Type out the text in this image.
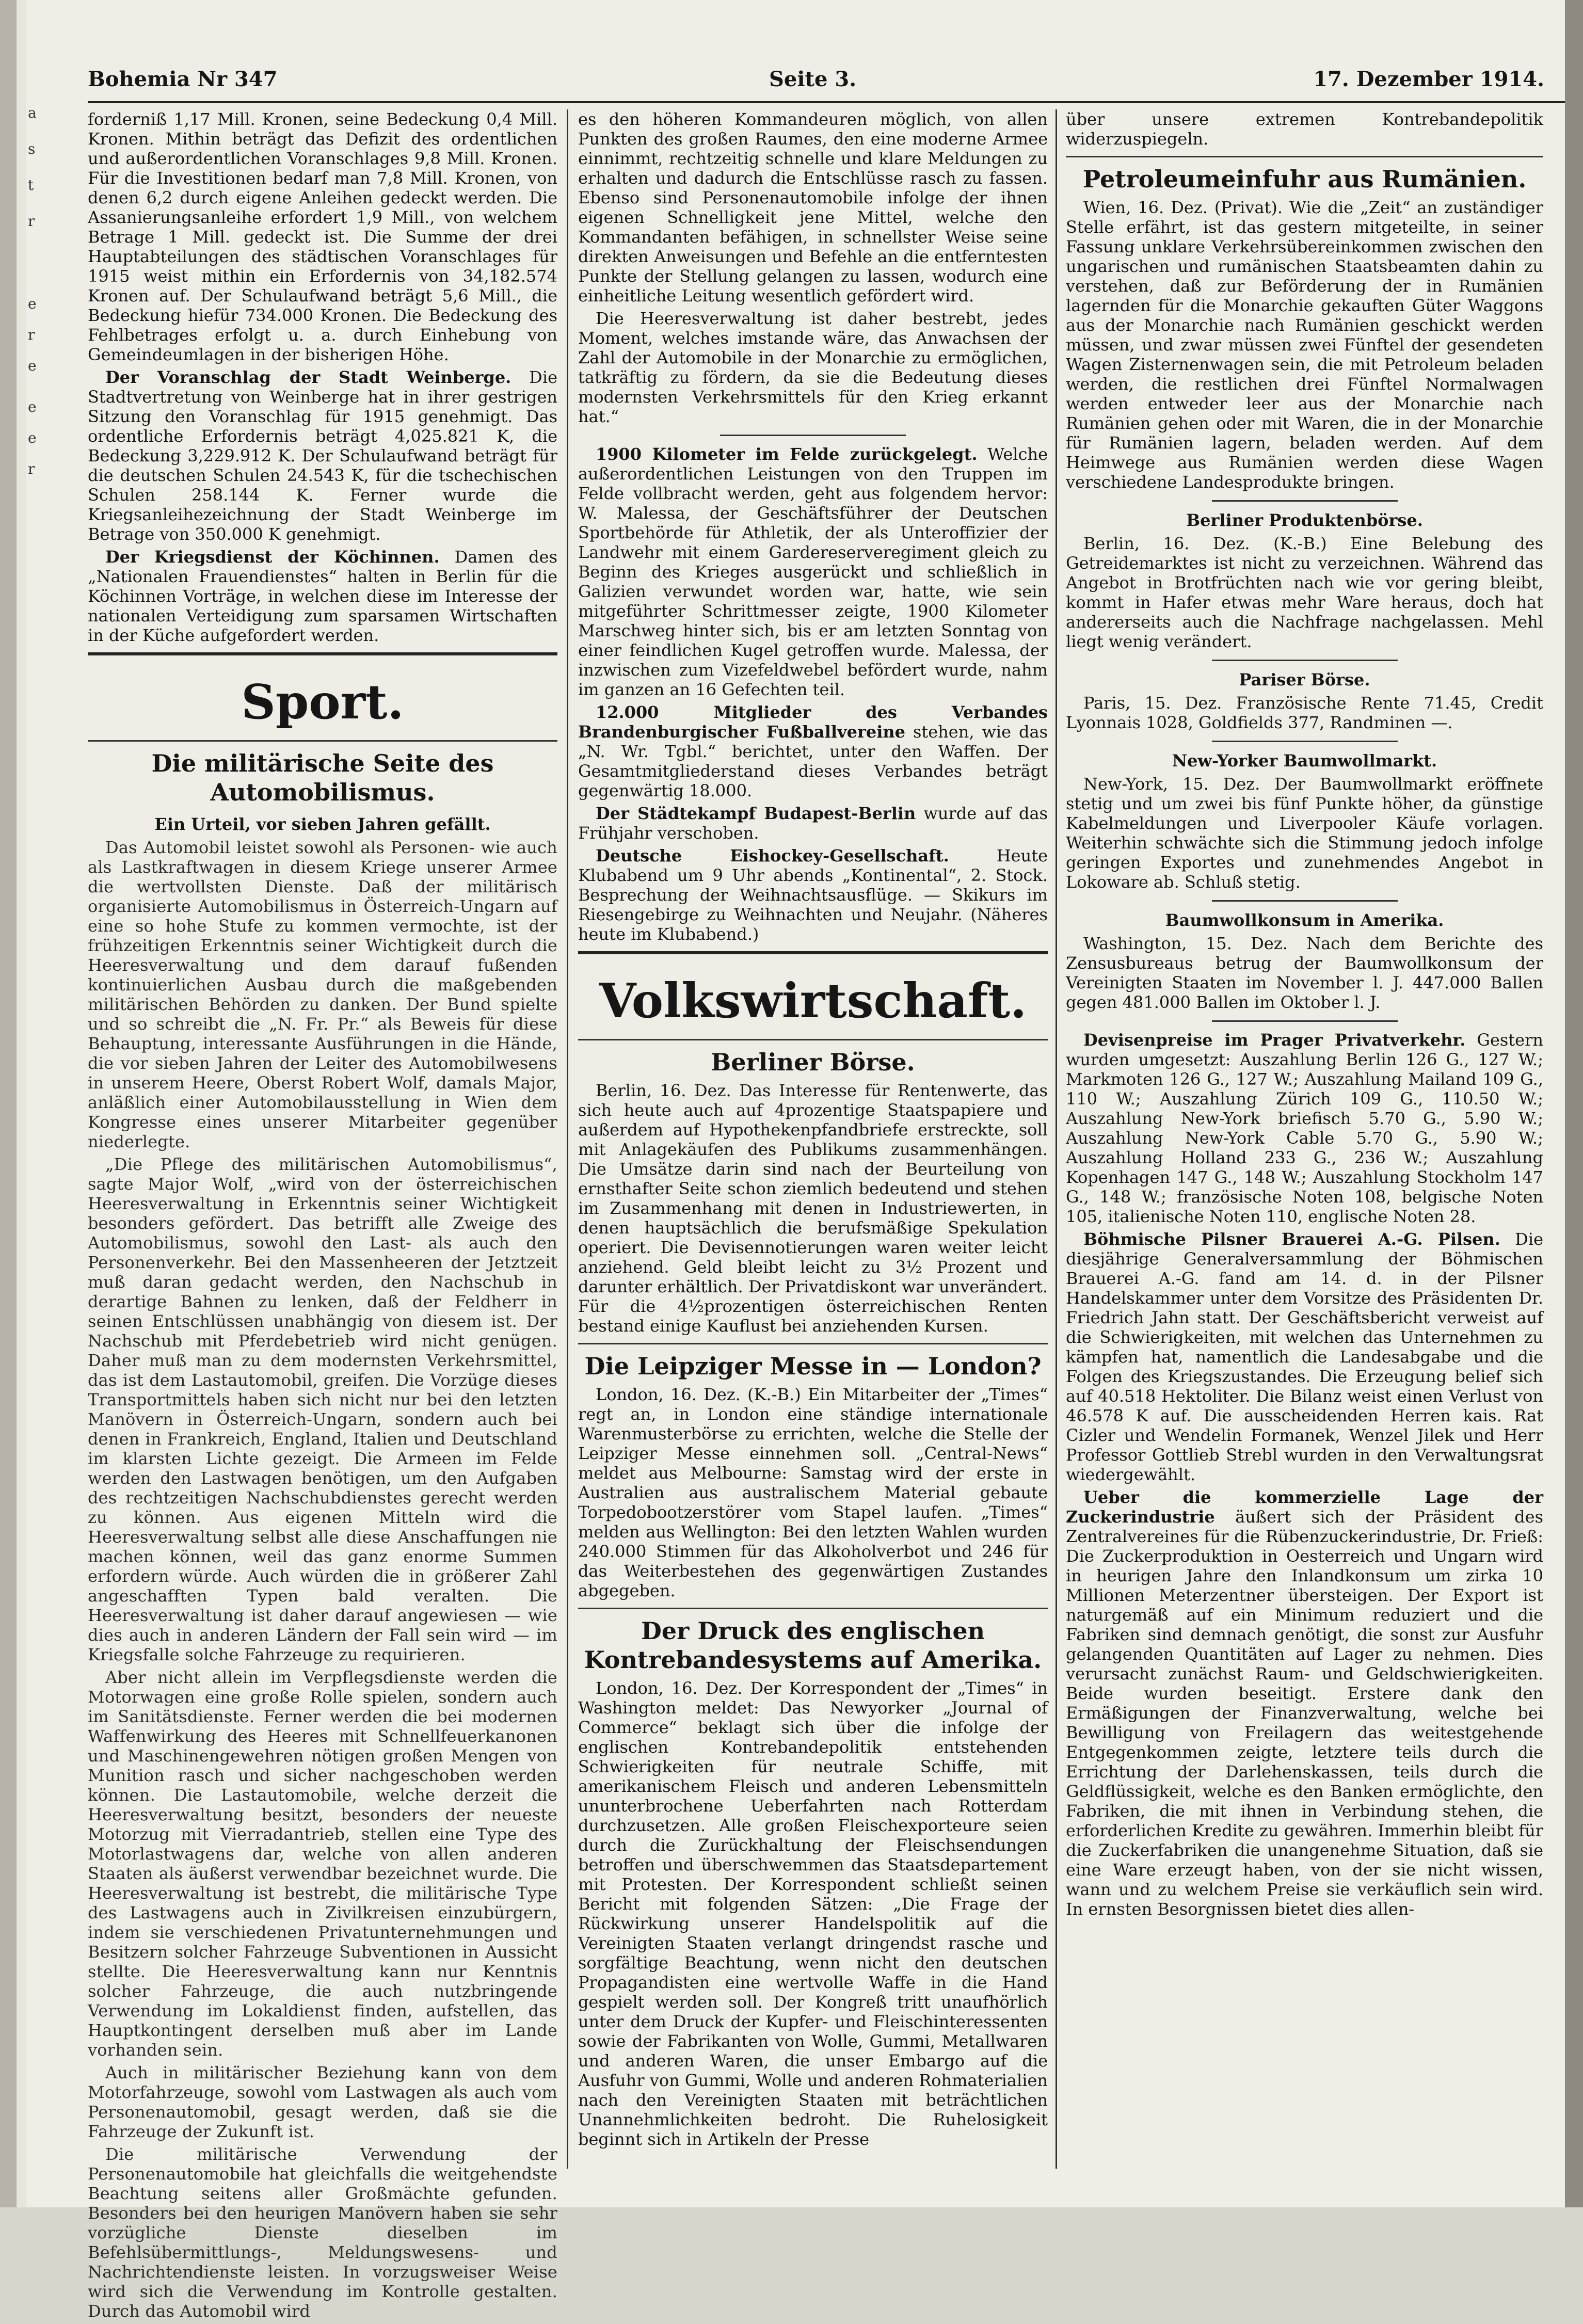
a
s
t
r
e
r
e
e
e
r
Bohemia Nr 347	Seite 3.	17. Dezember 1914.

forderniß 1,17 Mill. Kronen, seine Bedeckung 0,4 Mill. Kronen. Mithin beträgt das Defizit des ordentlichen und außerordentlichen Voranschlages 9,8 Mill. Kronen. Für die Investitionen bedarf man 7,8 Mill. Kronen, von denen 6,2 durch eigene Anleihen gedeckt werden. Die Assanierungsanleihe erfordert 1,9 Mill., von welchem Betrage 1 Mill. gedeckt ist. Die Summe der drei Hauptabteilungen des städtischen Voranschlages für 1915 weist mithin ein Erfordernis von 34,182.574 Kronen auf. Der Schulaufwand beträgt 5,6 Mill., die Bedeckung hiefür 734.000 Kronen. Die Bedeckung des Fehlbetrages erfolgt u. a. durch Einhebung von Gemeindeumlagen in der bisherigen Höhe.

Der Voranschlag der Stadt Weinberge. Die Stadtvertretung von Weinberge hat in ihrer gestrigen Sitzung den Voranschlag für 1915 genehmigt. Das ordentliche Erfordernis beträgt 4,025.821 K, die Bedeckung 3,229.912 K. Der Schulaufwand beträgt für die deutschen Schulen 24.543 K, für die tschechischen Schulen 258.144 K. Ferner wurde die Kriegsanleihezeichnung der Stadt Weinberge im Betrage von 350.000 K genehmigt.

Der Kriegsdienst der Köchinnen. Damen des „Nationalen Frauendienstes“ halten in Berlin für die Köchinnen Vorträge, in welchen diese im Interesse der nationalen Verteidigung zum sparsamen Wirtschaften in der Küche aufgefordert werden.

Sport.
Die militärische Seite des Automobilismus.
Ein Urteil, vor sieben Jahren gefällt.

Das Automobil leistet sowohl als Personen- wie auch als Lastkraftwagen in diesem Kriege unserer Armee die wertvollsten Dienste. Daß der militärisch organisierte Automobilismus in Österreich-Ungarn auf eine so hohe Stufe zu kommen vermochte, ist der frühzeitigen Erkenntnis seiner Wichtigkeit durch die Heeresverwaltung und dem darauf fußenden kontinuierlichen Ausbau durch die maßgebenden militärischen Behörden zu danken. Der Bund spielte und so schreibt die „N. Fr. Pr.“ als Beweis für diese Behauptung, interessante Ausführungen in die Hände, die vor sieben Jahren der Leiter des Automobilwesens in unserem Heere, Oberst Robert Wolf, damals Major, anläßlich einer Automobilausstellung in Wien dem Kongresse eines unserer Mitarbeiter gegenüber niederlegte.

„Die Pflege des militärischen Automobilismus“, sagte Major Wolf, „wird von der österreichischen Heeresverwaltung in Erkenntnis seiner Wichtigkeit besonders gefördert. Das betrifft alle Zweige des Automobilismus, sowohl den Last- als auch den Personenverkehr. Bei den Massenheeren der Jetztzeit muß daran gedacht werden, den Nachschub in derartige Bahnen zu lenken, daß der Feldherr in seinen Entschlüssen unabhängig von diesem ist. Der Nachschub mit Pferdebetrieb wird nicht genügen. Daher muß man zu dem modernsten Verkehrsmittel, das ist dem Lastautomobil, greifen. Die Vorzüge dieses Transportmittels haben sich nicht nur bei den letzten Manövern in Österreich-Ungarn, sondern auch bei denen in Frankreich, England, Italien und Deutschland im klarsten Lichte gezeigt. Die Armeen im Felde werden den Lastwagen benötigen, um den Aufgaben des rechtzeitigen Nachschubdienstes gerecht werden zu können. Aus eigenen Mitteln wird die Heeresverwaltung selbst alle diese Anschaffungen nie machen können, weil das ganz enorme Summen erfordern würde. Auch würden die in größerer Zahl angeschafften Typen bald veralten. Die Heeresverwaltung ist daher darauf angewiesen — wie dies auch in anderen Ländern der Fall sein wird — im Kriegsfalle solche Fahrzeuge zu requirieren.

Aber nicht allein im Verpflegsdienste werden die Motorwagen eine große Rolle spielen, sondern auch im Sanitätsdienste. Ferner werden die bei modernen Waffenwirkung des Heeres mit Schnellfeuerkanonen und Maschinengewehren nötigen großen Mengen von Munition rasch und sicher nachgeschoben werden können. Die Lastautomobile, welche derzeit die Heeresverwaltung besitzt, besonders der neueste Motorzug mit Vierradantrieb, stellen eine Type des Motorlastwagens dar, welche von allen anderen Staaten als äußerst verwendbar bezeichnet wurde. Die Heeresverwaltung ist bestrebt, die militärische Type des Lastwagens auch in Zivilkreisen einzubürgern, indem sie verschiedenen Privatunternehmungen und Besitzern solcher Fahrzeuge Subventionen in Aussicht stellte. Die Heeresverwaltung kann nur Kenntnis solcher Fahrzeuge, die auch nutzbringende Verwendung im Lokaldienst finden, aufstellen, das Hauptkontingent derselben muß aber im Lande vorhanden sein.

Auch in militärischer Beziehung kann von dem Motorfahrzeuge, sowohl vom Lastwagen als auch vom Personenautomobil, gesagt werden, daß sie die Fahrzeuge der Zukunft ist.

Die militärische Verwendung der Personenautomobile hat gleichfalls die weitgehendste Beachtung seitens aller Großmächte gefunden. Besonders bei den heurigen Manövern haben sie sehr vorzügliche Dienste dieselben im Befehlsübermittlungs-, Meldungswesens- und Nachrichtendienste leisten. In vorzugsweiser Weise wird sich die Verwendung im Kontrolle gestalten. Durch das Automobil wird

es den höheren Kommandeuren möglich, von allen Punkten des großen Raumes, den eine moderne Armee einnimmt, rechtzeitig schnelle und klare Meldungen zu erhalten und dadurch die Entschlüsse rasch zu fassen. Ebenso sind Personenautomobile infolge der ihnen eigenen Schnelligkeit jene Mittel, welche den Kommandanten befähigen, in schnellster Weise seine direkten Anweisungen und Befehle an die entferntesten Punkte der Stellung gelangen zu lassen, wodurch eine einheitliche Leitung wesentlich gefördert wird.

Die Heeresverwaltung ist daher bestrebt, jedes Moment, welches imstande wäre, das Anwachsen der Zahl der Automobile in der Monarchie zu ermöglichen, tatkräftig zu fördern, da sie die Bedeutung dieses modernsten Verkehrsmittels für den Krieg erkannt hat.“

1900 Kilometer im Felde zurückgelegt. Welche außerordentlichen Leistungen von den Truppen im Felde vollbracht werden, geht aus folgendem hervor: W. Malessa, der Geschäftsführer der Deutschen Sportbehörde für Athletik, der als Unteroffizier der Landwehr mit einem Gardereserveregiment gleich zu Beginn des Krieges ausgerückt und schließlich in Galizien verwundet worden war, hatte, wie sein mitgeführter Schrittmesser zeigte, 1900 Kilometer Marschweg hinter sich, bis er am letzten Sonntag von einer feindlichen Kugel getroffen wurde. Malessa, der inzwischen zum Vizefeldwebel befördert wurde, nahm im ganzen an 16 Gefechten teil.

12.000 Mitglieder des Verbandes Brandenburgischer Fußballvereine stehen, wie das „N. Wr. Tgbl.“ berichtet, unter den Waffen. Der Gesamtmitgliederstand dieses Verbandes beträgt gegenwärtig 18.000.

Der Städtekampf Budapest-Berlin wurde auf das Frühjahr verschoben.

Deutsche Eishockey-Gesellschaft. Heute Klubabend um 9 Uhr abends „Kontinental“, 2. Stock. Besprechung der Weihnachtsausflüge. — Skikurs im Riesengebirge zu Weihnachten und Neujahr. (Näheres heute im Klubabend.)

Volkswirtschaft.
Berliner Börse.

Berlin, 16. Dez. Das Interesse für Rentenwerte, das sich heute auch auf 4prozentige Staatspapiere und außerdem auf Hypothekenpfandbriefe erstreckte, soll mit Anlagekäufen des Publikums zusammenhängen. Die Umsätze darin sind nach der Beurteilung von ernsthafter Seite schon ziemlich bedeutend und stehen im Zusammenhang mit denen in Industriewerten, in denen hauptsächlich die berufsmäßige Spekulation operiert. Die Devisennotierungen waren weiter leicht anziehend. Geld bleibt leicht zu 3½ Prozent und darunter erhältlich. Der Privatdiskont war unverändert. Für die 4½prozentigen österreichischen Renten bestand einige Kauflust bei anziehenden Kursen.

Die Leipziger Messe in — London?

London, 16. Dez. (K.-B.) Ein Mitarbeiter der „Times“ regt an, in London eine ständige internationale Warenmusterbörse zu errichten, welche die Stelle der Leipziger Messe einnehmen soll. „Central-News“ meldet aus Melbourne: Samstag wird der erste in Australien aus australischem Material gebaute Torpedobootzerstörer vom Stapel laufen. „Times“ melden aus Wellington: Bei den letzten Wahlen wurden 240.000 Stimmen für das Alkoholverbot und 246 für das Weiterbestehen des gegenwärtigen Zustandes abgegeben.

Der Druck des englischen Kontrebandesystems auf Amerika.

London, 16. Dez. Der Korrespondent der „Times“ in Washington meldet: Das Newyorker „Journal of Commerce“ beklagt sich über die infolge der englischen Kontrebandepolitik entstehenden Schwierigkeiten für neutrale Schiffe, mit amerikanischem Fleisch und anderen Lebensmitteln ununterbrochene Ueberfahrten nach Rotterdam durchzusetzen. Alle großen Fleischexporteure seien durch die Zurückhaltung der Fleischsendungen betroffen und überschwemmen das Staatsdepartement mit Protesten. Der Korrespondent schließt seinen Bericht mit folgenden Sätzen: „Die Frage der Rückwirkung unserer Handelspolitik auf die Vereinigten Staaten verlangt dringendst rasche und sorgfältige Beachtung, wenn nicht den deutschen Propagandisten eine wertvolle Waffe in die Hand gespielt werden soll. Der Kongreß tritt unaufhörlich unter dem Druck der Kupfer- und Fleischinteressenten sowie der Fabrikanten von Wolle, Gummi, Metallwaren und anderen Waren, die unser Embargo auf die Ausfuhr von Gummi, Wolle und anderen Rohmaterialien nach den Vereinigten Staaten mit beträchtlichen Unannehmlichkeiten bedroht. Die Ruhelosigkeit beginnt sich in Artikeln der Presse

über unsere extremen Kontrebandepolitik widerzuspiegeln.

Petroleumeinfuhr aus Rumänien.

Wien, 16. Dez. (Privat). Wie die „Zeit“ an zuständiger Stelle erfährt, ist das gestern mitgeteilte, in seiner Fassung unklare Verkehrsübereinkommen zwischen den ungarischen und rumänischen Staatsbeamten dahin zu verstehen, daß zur Beförderung der in Rumänien lagernden für die Monarchie gekauften Güter Waggons aus der Monarchie nach Rumänien geschickt werden müssen, und zwar müssen zwei Fünftel der gesendeten Wagen Zisternenwagen sein, die mit Petroleum beladen werden, die restlichen drei Fünftel Normalwagen werden entweder leer aus der Monarchie nach Rumänien gehen oder mit Waren, die in der Monarchie für Rumänien lagern, beladen werden. Auf dem Heimwege aus Rumänien werden diese Wagen verschiedene Landesprodukte bringen.

Berliner Produktenbörse.

Berlin, 16. Dez. (K.-B.) Eine Belebung des Getreidemarktes ist nicht zu verzeichnen. Während das Angebot in Brotfrüchten nach wie vor gering bleibt, kommt in Hafer etwas mehr Ware heraus, doch hat andererseits auch die Nachfrage nachgelassen. Mehl liegt wenig verändert.

Pariser Börse.

Paris, 15. Dez. Französische Rente 71.45, Credit Lyonnais 1028, Goldfields 377, Randminen —.

New-Yorker Baumwollmarkt.

New-York, 15. Dez. Der Baumwollmarkt eröffnete stetig und um zwei bis fünf Punkte höher, da günstige Kabelmeldungen und Liverpooler Käufe vorlagen. Weiterhin schwächte sich die Stimmung jedoch infolge geringen Exportes und zunehmendes Angebot in Lokoware ab. Schluß stetig.

Baumwollkonsum in Amerika.

Washington, 15. Dez. Nach dem Berichte des Zensusbureaus betrug der Baumwollkonsum der Vereinigten Staaten im November l. J. 447.000 Ballen gegen 481.000 Ballen im Oktober l. J.

Devisenpreise im Prager Privatverkehr. Gestern wurden umgesetzt: Auszahlung Berlin 126 G., 127 W.; Markmoten 126 G., 127 W.; Auszahlung Mailand 109 G., 110 W.; Auszahlung Zürich 109 G., 110.50 W.; Auszahlung New-York briefisch 5.70 G., 5.90 W.; Auszahlung New-York Cable 5.70 G., 5.90 W.; Auszahlung Holland 233 G., 236 W.; Auszahlung Kopenhagen 147 G., 148 W.; Auszahlung Stockholm 147 G., 148 W.; französische Noten 108, belgische Noten 105, italienische Noten 110, englische Noten 28.

Böhmische Pilsner Brauerei A.-G. Pilsen. Die diesjährige Generalversammlung der Böhmischen Brauerei A.-G. fand am 14. d. in der Pilsner Handelskammer unter dem Vorsitze des Präsidenten Dr. Friedrich Jahn statt. Der Geschäftsbericht verweist auf die Schwierigkeiten, mit welchen das Unternehmen zu kämpfen hat, namentlich die Landesabgabe und die Folgen des Kriegszustandes. Die Erzeugung belief sich auf 40.518 Hektoliter. Die Bilanz weist einen Verlust von 46.578 K auf. Die ausscheidenden Herren kais. Rat Cizler und Wendelin Formanek, Wenzel Jilek und Herr Professor Gottlieb Strebl wurden in den Verwaltungsrat wiedergewählt.

Ueber die kommerzielle Lage der Zuckerindustrie äußert sich der Präsident des Zentralvereines für die Rübenzuckerindustrie, Dr. Frieß: Die Zuckerproduktion in Oesterreich und Ungarn wird in heurigen Jahre den Inlandkonsum um zirka 10 Millionen Meterzentner übersteigen. Der Export ist naturgemäß auf ein Minimum reduziert und die Fabriken sind demnach genötigt, die sonst zur Ausfuhr gelangenden Quantitäten auf Lager zu nehmen. Dies verursacht zunächst Raum- und Geldschwierigkeiten. Beide wurden beseitigt. Erstere dank den Ermäßigungen der Finanzverwaltung, welche bei Bewilligung von Freilagern das weitestgehende Entgegenkommen zeigte, letztere teils durch die Errichtung der Darlehenskassen, teils durch die Geldflüssigkeit, welche es den Banken ermöglichte, den Fabriken, die mit ihnen in Verbindung stehen, die erforderlichen Kredite zu gewähren. Immerhin bleibt für die Zuckerfabriken die unangenehme Situation, daß sie eine Ware erzeugt haben, von der sie nicht wissen, wann und zu welchem Preise sie verkäuflich sein wird. In ernsten Besorgnissen bietet dies allen-
